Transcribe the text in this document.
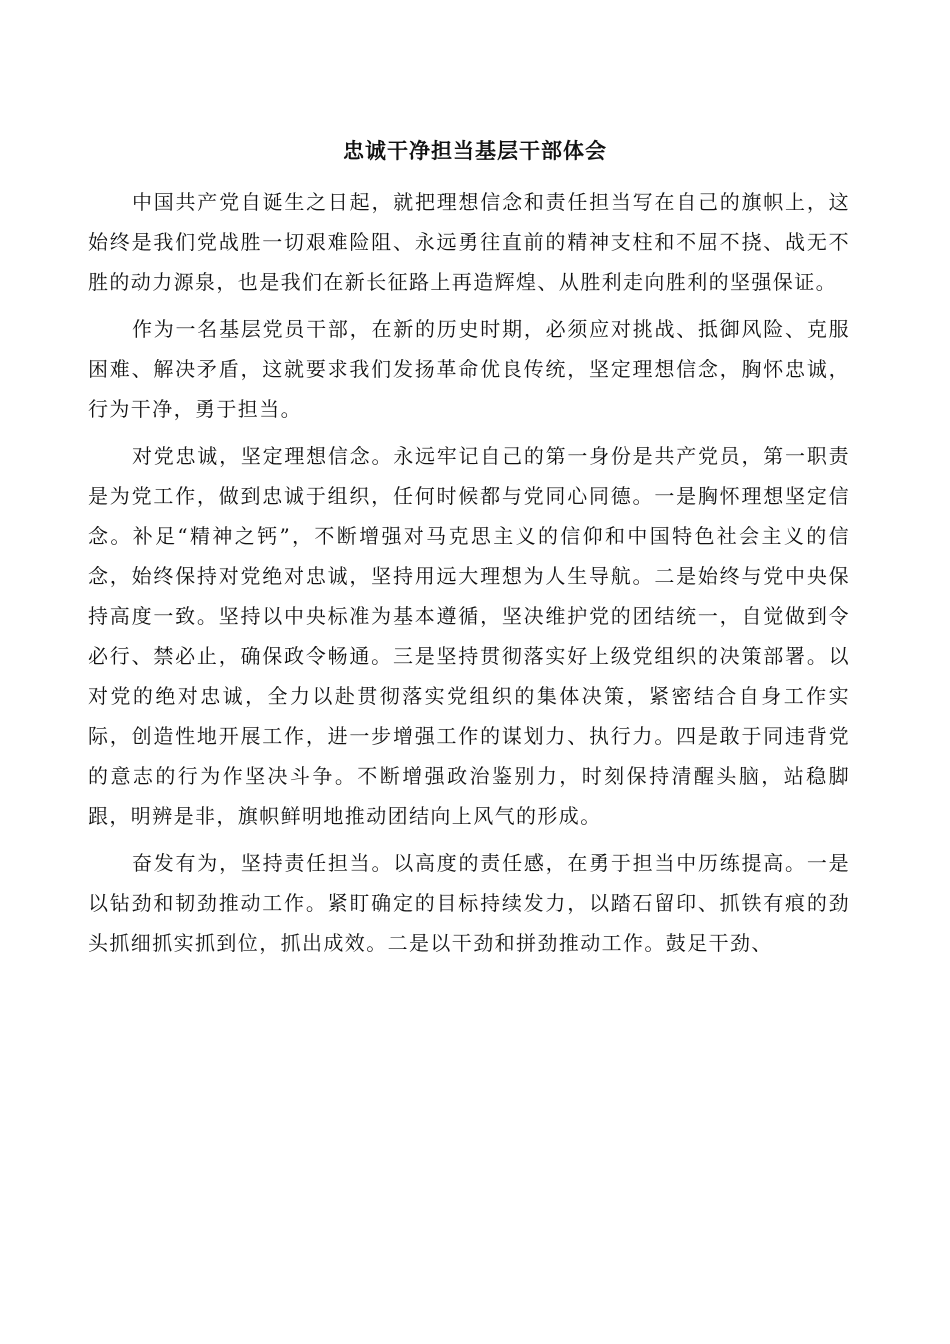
忠诚干净担当基层干部体会

中国共产党自诞生之日起，就把理想信念和责任担当写在自己的旗帜上，这始终是我们党战胜一切艰难险阻、永远勇往直前的精神支柱和不屈不挠、战无不胜的动力源泉，也是我们在新长征路上再造辉煌、从胜利走向胜利的坚强保证。

作为一名基层党员干部，在新的历史时期，必须应对挑战、抵御风险、克服困难、解决矛盾，这就要求我们发扬革命优良传统，坚定理想信念，胸怀忠诚，行为干净，勇于担当。

对党忠诚，坚定理想信念。永远牢记自己的第一身份是共产党员，第一职责是为党工作，做到忠诚于组织，任何时候都与党同心同德。一是胸怀理想坚定信念。补足“精神之钙”，不断增强对马克思主义的信仰和中国特色社会主义的信念，始终保持对党绝对忠诚，坚持用远大理想为人生导航。二是始终与党中央保持高度一致。坚持以中央标准为基本遵循，坚决维护党的团结统一，自觉做到令必行、禁必止，确保政令畅通。三是坚持贯彻落实好上级党组织的决策部署。以对党的绝对忠诚，全力以赴贯彻落实党组织的集体决策，紧密结合自身工作实际，创造性地开展工作，进一步增强工作的谋划力、执行力。四是敢于同违背党的意志的行为作坚决斗争。不断增强政治鉴别力，时刻保持清醒头脑，站稳脚跟，明辨是非，旗帜鲜明地推动团结向上风气的形成。

奋发有为，坚持责任担当。以高度的责任感，在勇于担当中历练提高。一是以钻劲和韧劲推动工作。紧盯确定的目标持续发力，以踏石留印、抓铁有痕的劲头抓细抓实抓到位，抓出成效。二是以干劲和拼劲推动工作。鼓足干劲、
